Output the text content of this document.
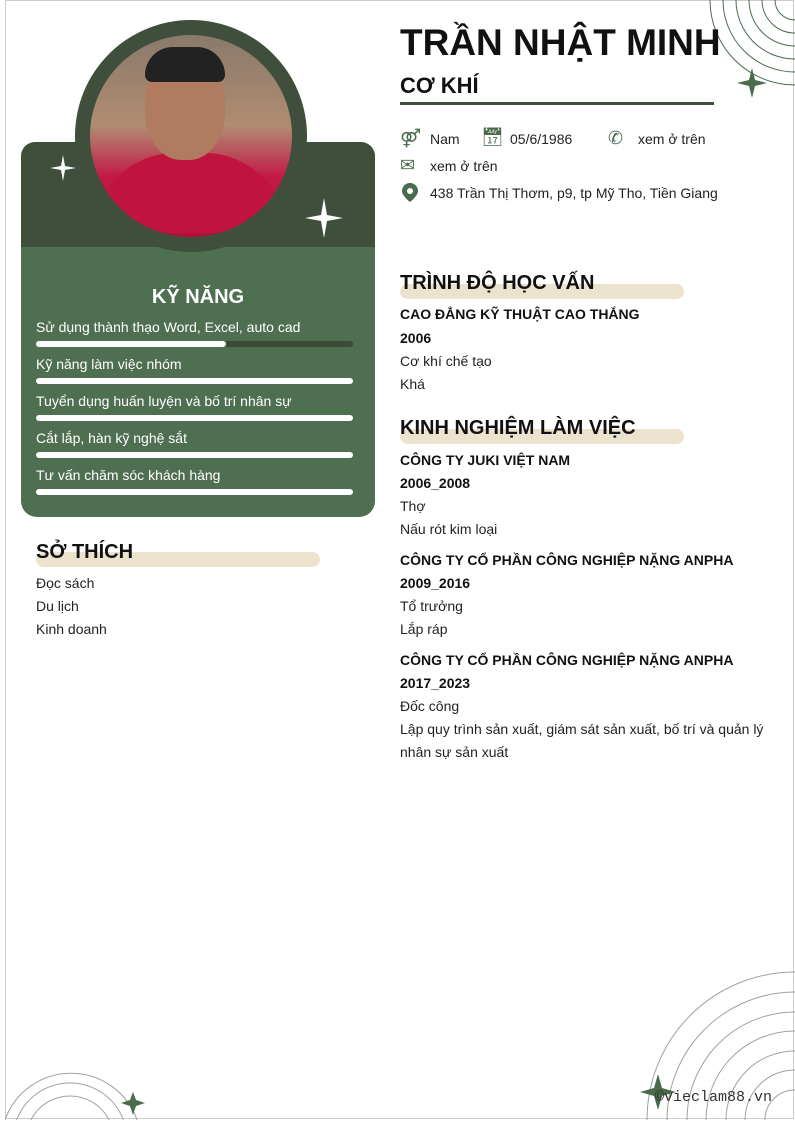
KỸ NĂNG
Sử dụng thành thạo Word, Excel, auto cad
Kỹ năng làm việc nhóm
Tuyển dụng huấn luyện và bố trí nhân sự
Cắt lắp, hàn kỹ nghệ sắt
Tư vấn chăm sóc khách hàng
SỞ THÍCH
Đọc sách
Du lịch
Kinh doanh
TRẦN NHẬT MINH
CƠ KHÍ
⚤ Nam 📅︎ 05/6/1986 ✆ xem ở trên
✉ xem ở trên
438 Trần Thị Thơm, p9, tp Mỹ Tho, Tiền Giang
TRÌNH ĐỘ HỌC VẤN
CAO ĐẲNG KỸ THUẬT CAO THẮNG
2006
Cơ khí chế tạo
Khá
KINH NGHIỆM LÀM VIỆC
CÔNG TY JUKI VIỆT NAM
2006_2008
Thợ
Nấu rót kim loại
CÔNG TY CỔ PHẦN CÔNG NGHIỆP NẶNG ANPHA
2009_2016
Tổ trưởng
Lắp ráp
CÔNG TY CỔ PHẦN CÔNG NGHIỆP NẶNG ANPHA
2017_2023
Đốc công
Lập quy trình sản xuất, giám sát sản xuất, bố trí và quản lý nhân sự sản xuất
©vieclam88.vn
